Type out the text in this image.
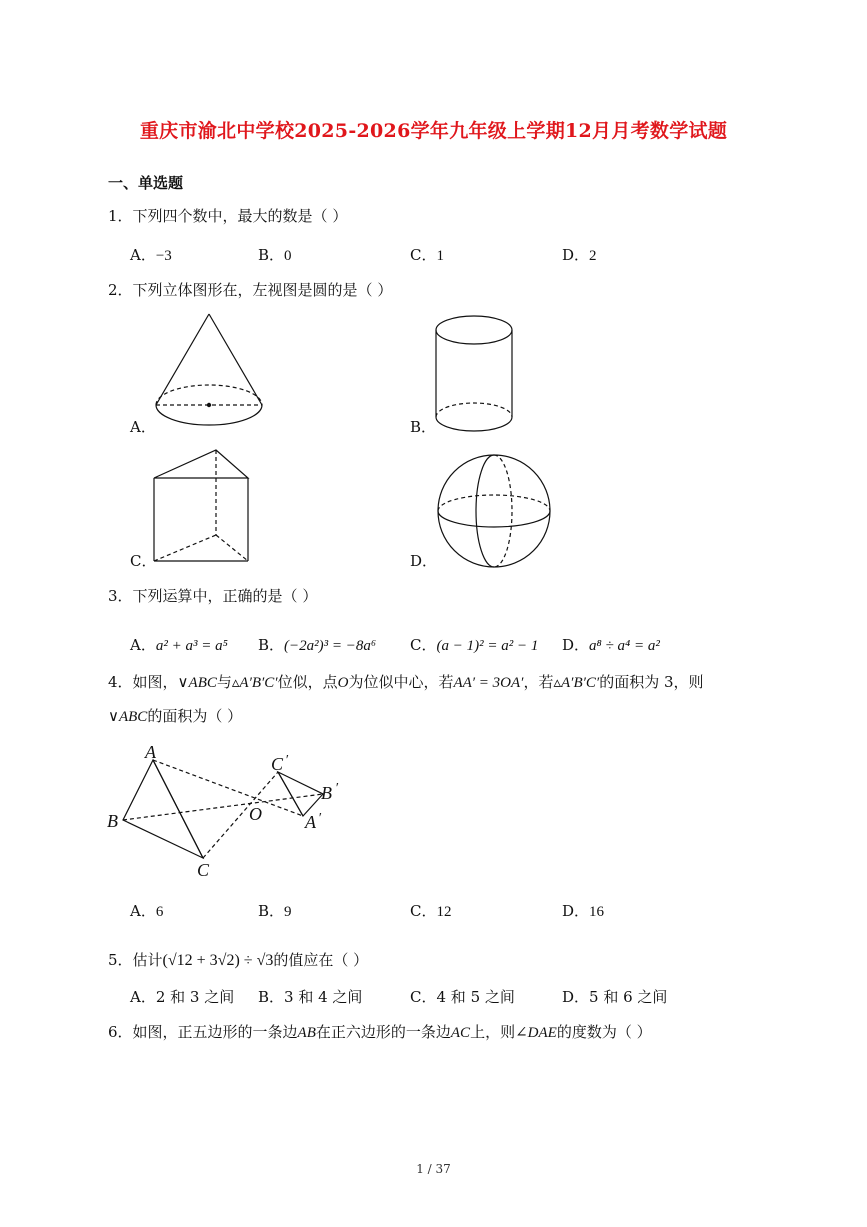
重庆市渝北中学校2025-2026学年九年级上学期12月月考数学试题
一、单选题
1．下列四个数中，最大的数是（ ）
A．−3	B．0	C．1	D．2
2．下列立体图形在，左视图是圆的是（ ）
A．	B．
C．	D．
3．下列运算中，正确的是（ ）
A．a² + a³ = a⁵ B．(−2a²)³ = −8a⁶ C．(a − 1)² = a² − 1 D．a⁸ ÷ a⁴ = a²
4．如图，∨ABC与▵A′B′C′位似，点O为位似中心，若AA′ = 3OA′，若▵A′B′C′的面积为 3，则
∨ABC的面积为（ ）
A
B
C
O
C ′
B ′
A ′
A．6	B．9	C．12	D．16
5．估计(√12 + 3√2) ÷ √3的值应在（ ）
A．2 和 3 之间 B．3 和 4 之间	C．4 和 5 之间	D．5 和 6 之间
6．如图，正五边形的一条边AB在正六边形的一条边AC上，则∠DAE的度数为（ ）
1 / 37
